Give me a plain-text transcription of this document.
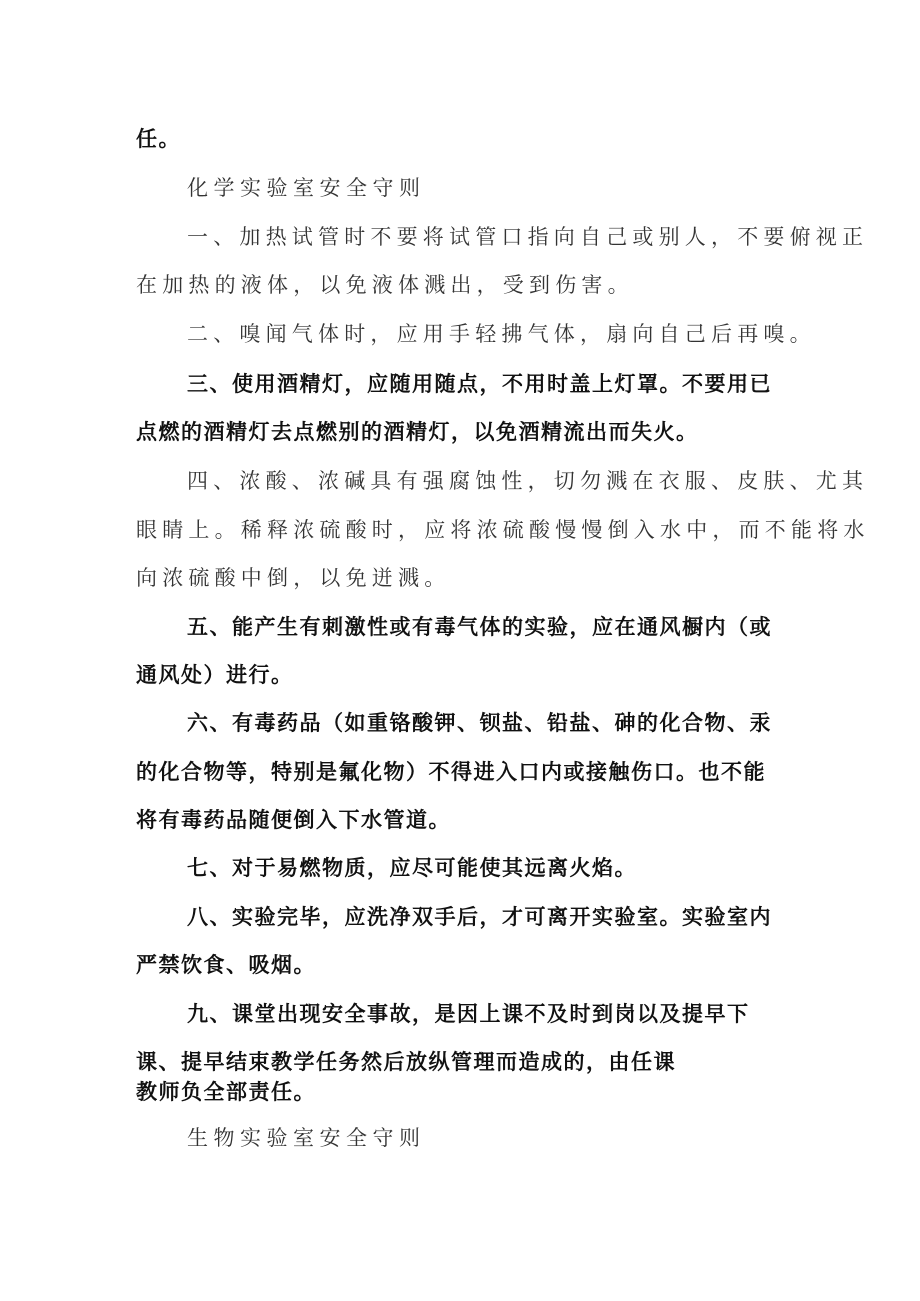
任。
化学实验室安全守则
一、加热试管时不要将试管口指向自己或别人，不要俯视正
在加热的液体，以免液体溅出，受到伤害。
二、嗅闻气体时，应用手轻拂气体，扇向自己后再嗅。
三、使用酒精灯，应随用随点，不用时盖上灯罩。不要用已
点燃的酒精灯去点燃别的酒精灯，以免酒精流出而失火。
四、浓酸、浓碱具有强腐蚀性，切勿溅在衣服、皮肤、尤其
眼睛上。稀释浓硫酸时，应将浓硫酸慢慢倒入水中，而不能将水
向浓硫酸中倒，以免迸溅。
五、能产生有刺激性或有毒气体的实验，应在通风橱内（或
通风处）进行。
六、有毒药品（如重铬酸钾、钡盐、铅盐、砷的化合物、汞
的化合物等，特别是氟化物）不得进入口内或接触伤口。也不能
将有毒药品随便倒入下水管道。
七、对于易燃物质，应尽可能使其远离火焰。
八、实验完毕，应洗净双手后，才可离开实验室。实验室内
严禁饮食、吸烟。
九、课堂出现安全事故，是因上课不及时到岗以及提早下
课、提早结束教学任务然后放纵管理而造成的，由任课
教师负全部责任。
生物实验室安全守则
